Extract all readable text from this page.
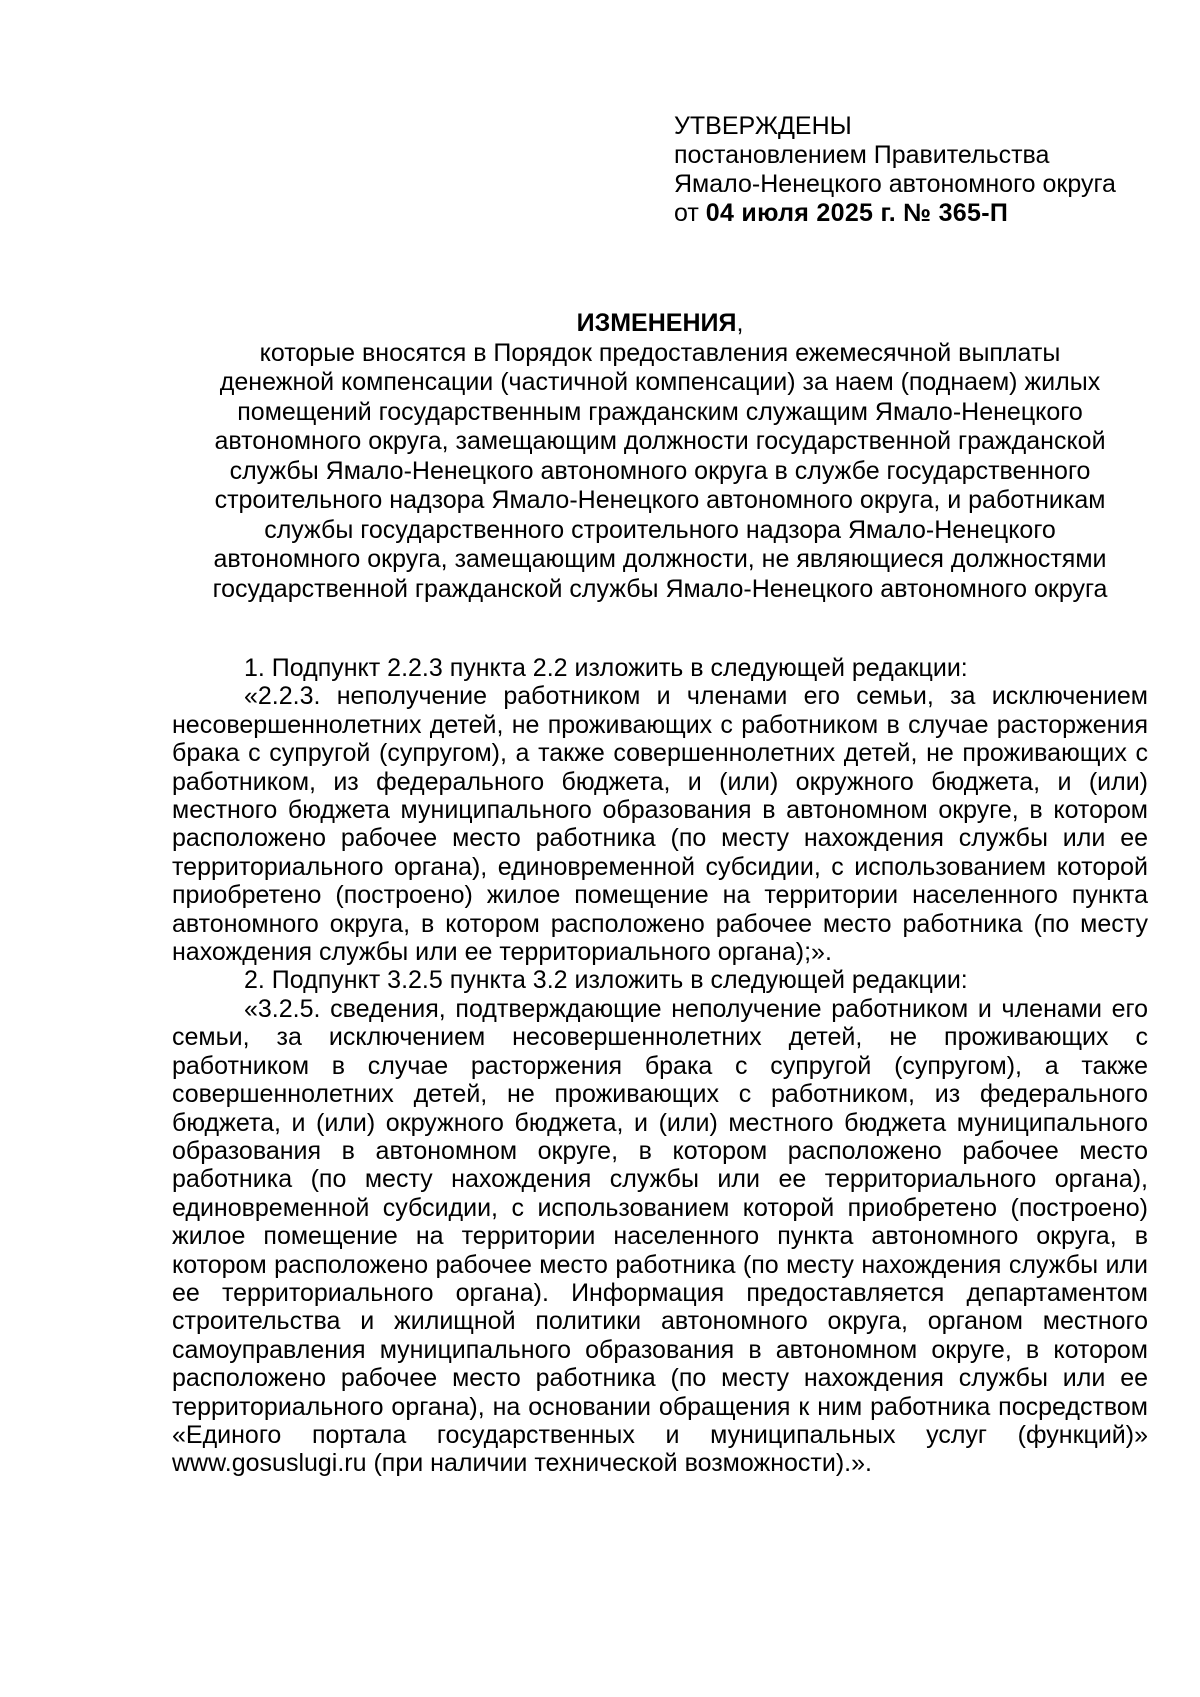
УТВЕРЖДЕНЫ

постановлением Правительства

Ямало-Ненецкого автономного округа

от 04 июля 2025 г. № 365-П

ИЗМЕНЕНИЯ,

которые вносятся в Порядок предоставления ежемесячной выплаты
денежной компенсации (частичной компенсации) за наем (поднаем) жилых
помещений государственным гражданским служащим Ямало-Ненецкого
автономного округа, замещающим должности государственной гражданской
службы Ямало-Ненецкого автономного округа в службе государственного
строительного надзора Ямало-Ненецкого автономного округа, и работникам
службы государственного строительного надзора Ямало-Ненецкого
автономного округа, замещающим должности, не являющиеся должностями
государственной гражданской службы Ямало-Ненецкого автономного округа

1. Подпункт 2.2.3 пункта 2.2 изложить в следующей редакции:

«2.2.3. неполучение работником и членами его семьи, за исключением несовершеннолетних детей, не проживающих с работником в случае расторжения брака с супругой (супругом), а также совершеннолетних детей, не проживающих с работником, из федерального бюджета, и (или) окружного бюджета, и (или) местного бюджета муниципального образования в автономном округе, в котором расположено рабочее место работника (по месту нахождения службы или ее территориального органа), единовременной субсидии, с использованием которой приобретено (построено) жилое помещение на территории населенного пункта автономного округа, в котором расположено рабочее место работника (по месту нахождения службы или ее территориального органа);».

2. Подпункт 3.2.5 пункта 3.2 изложить в следующей редакции:

«3.2.5. сведения, подтверждающие неполучение работником и членами его семьи, за исключением несовершеннолетних детей, не проживающих с работником в случае расторжения брака с супругой (супругом), а также совершеннолетних детей, не проживающих с работником, из федерального бюджета, и (или) окружного бюджета, и (или) местного бюджета муниципального образования в автономном округе, в котором расположено рабочее место работника (по месту нахождения службы или ее территориального органа), единовременной субсидии, с использованием которой приобретено (построено) жилое помещение на территории населенного пункта автономного округа, в котором расположено рабочее место работника (по месту нахождения службы или ее территориального органа). Информация предоставляется департаментом строительства и жилищной политики автономного округа, органом местного самоуправления муниципального образования в автономном округе, в котором расположено рабочее место работника (по месту нахождения службы или ее территориального органа), на основании обращения к ним работника посредством «Единого портала государственных и муниципальных услуг (функций)» www.gosuslugi.ru (при наличии технической возможности).».
